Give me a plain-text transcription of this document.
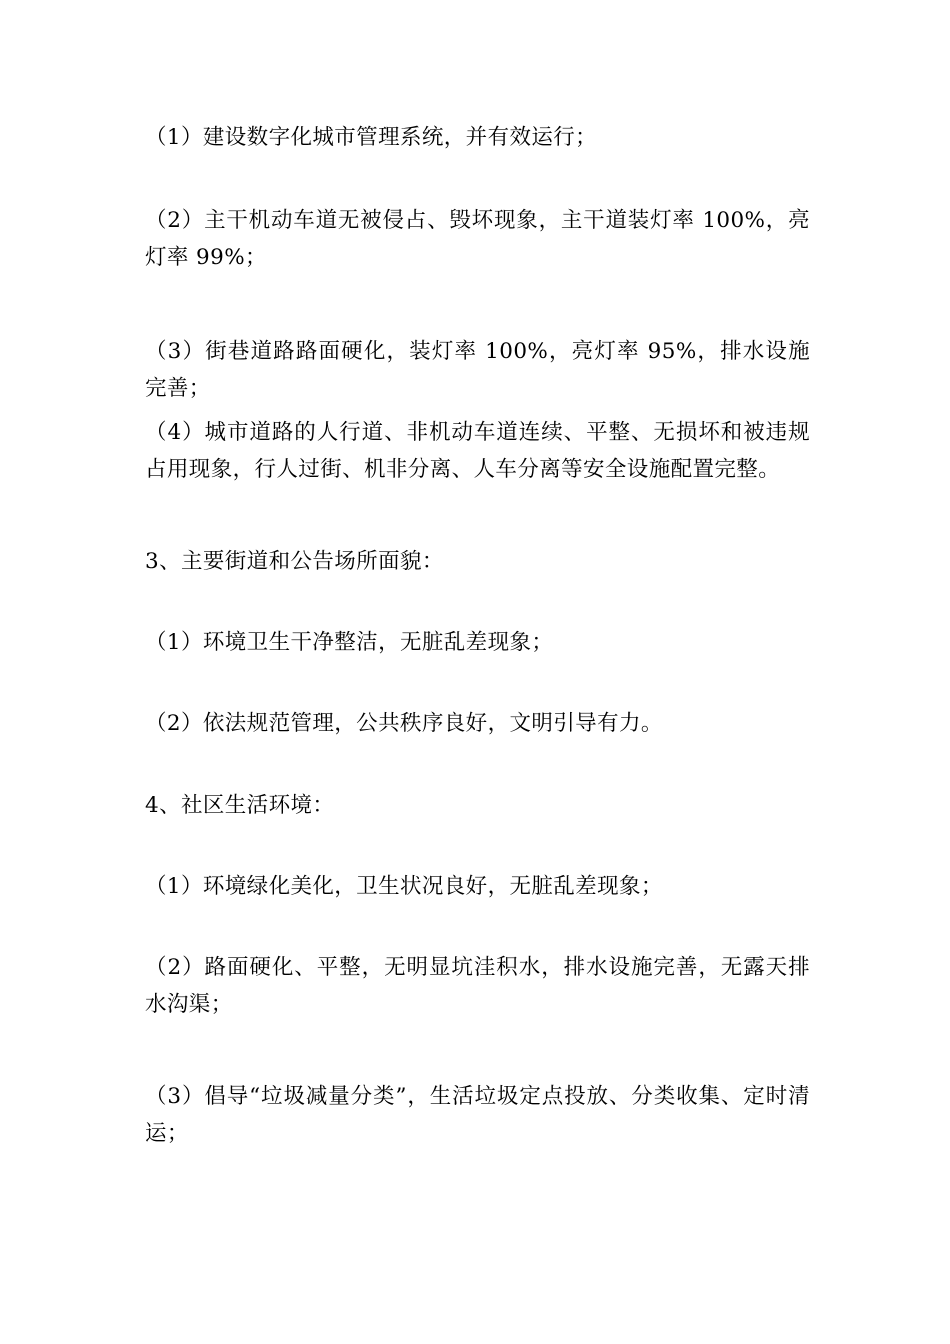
（1）建设数字化城市管理系统，并有效运行；

（2）主干机动车道无被侵占、毁坏现象，主干道装灯率 100%，亮灯率 99%；

（3）街巷道路路面硬化，装灯率 100%，亮灯率 95%，排水设施完善；

（4）城市道路的人行道、非机动车道连续、平整、无损坏和被违规占用现象，行人过街、机非分离、人车分离等安全设施配置完整。

3、主要街道和公告场所面貌：

（1）环境卫生干净整洁，无脏乱差现象；

（2）依法规范管理，公共秩序良好，文明引导有力。

4、社区生活环境：

（1）环境绿化美化，卫生状况良好，无脏乱差现象；

（2）路面硬化、平整，无明显坑洼积水，排水设施完善，无露天排水沟渠；

（3）倡导“垃圾减量分类”，生活垃圾定点投放、分类收集、定时清运；
